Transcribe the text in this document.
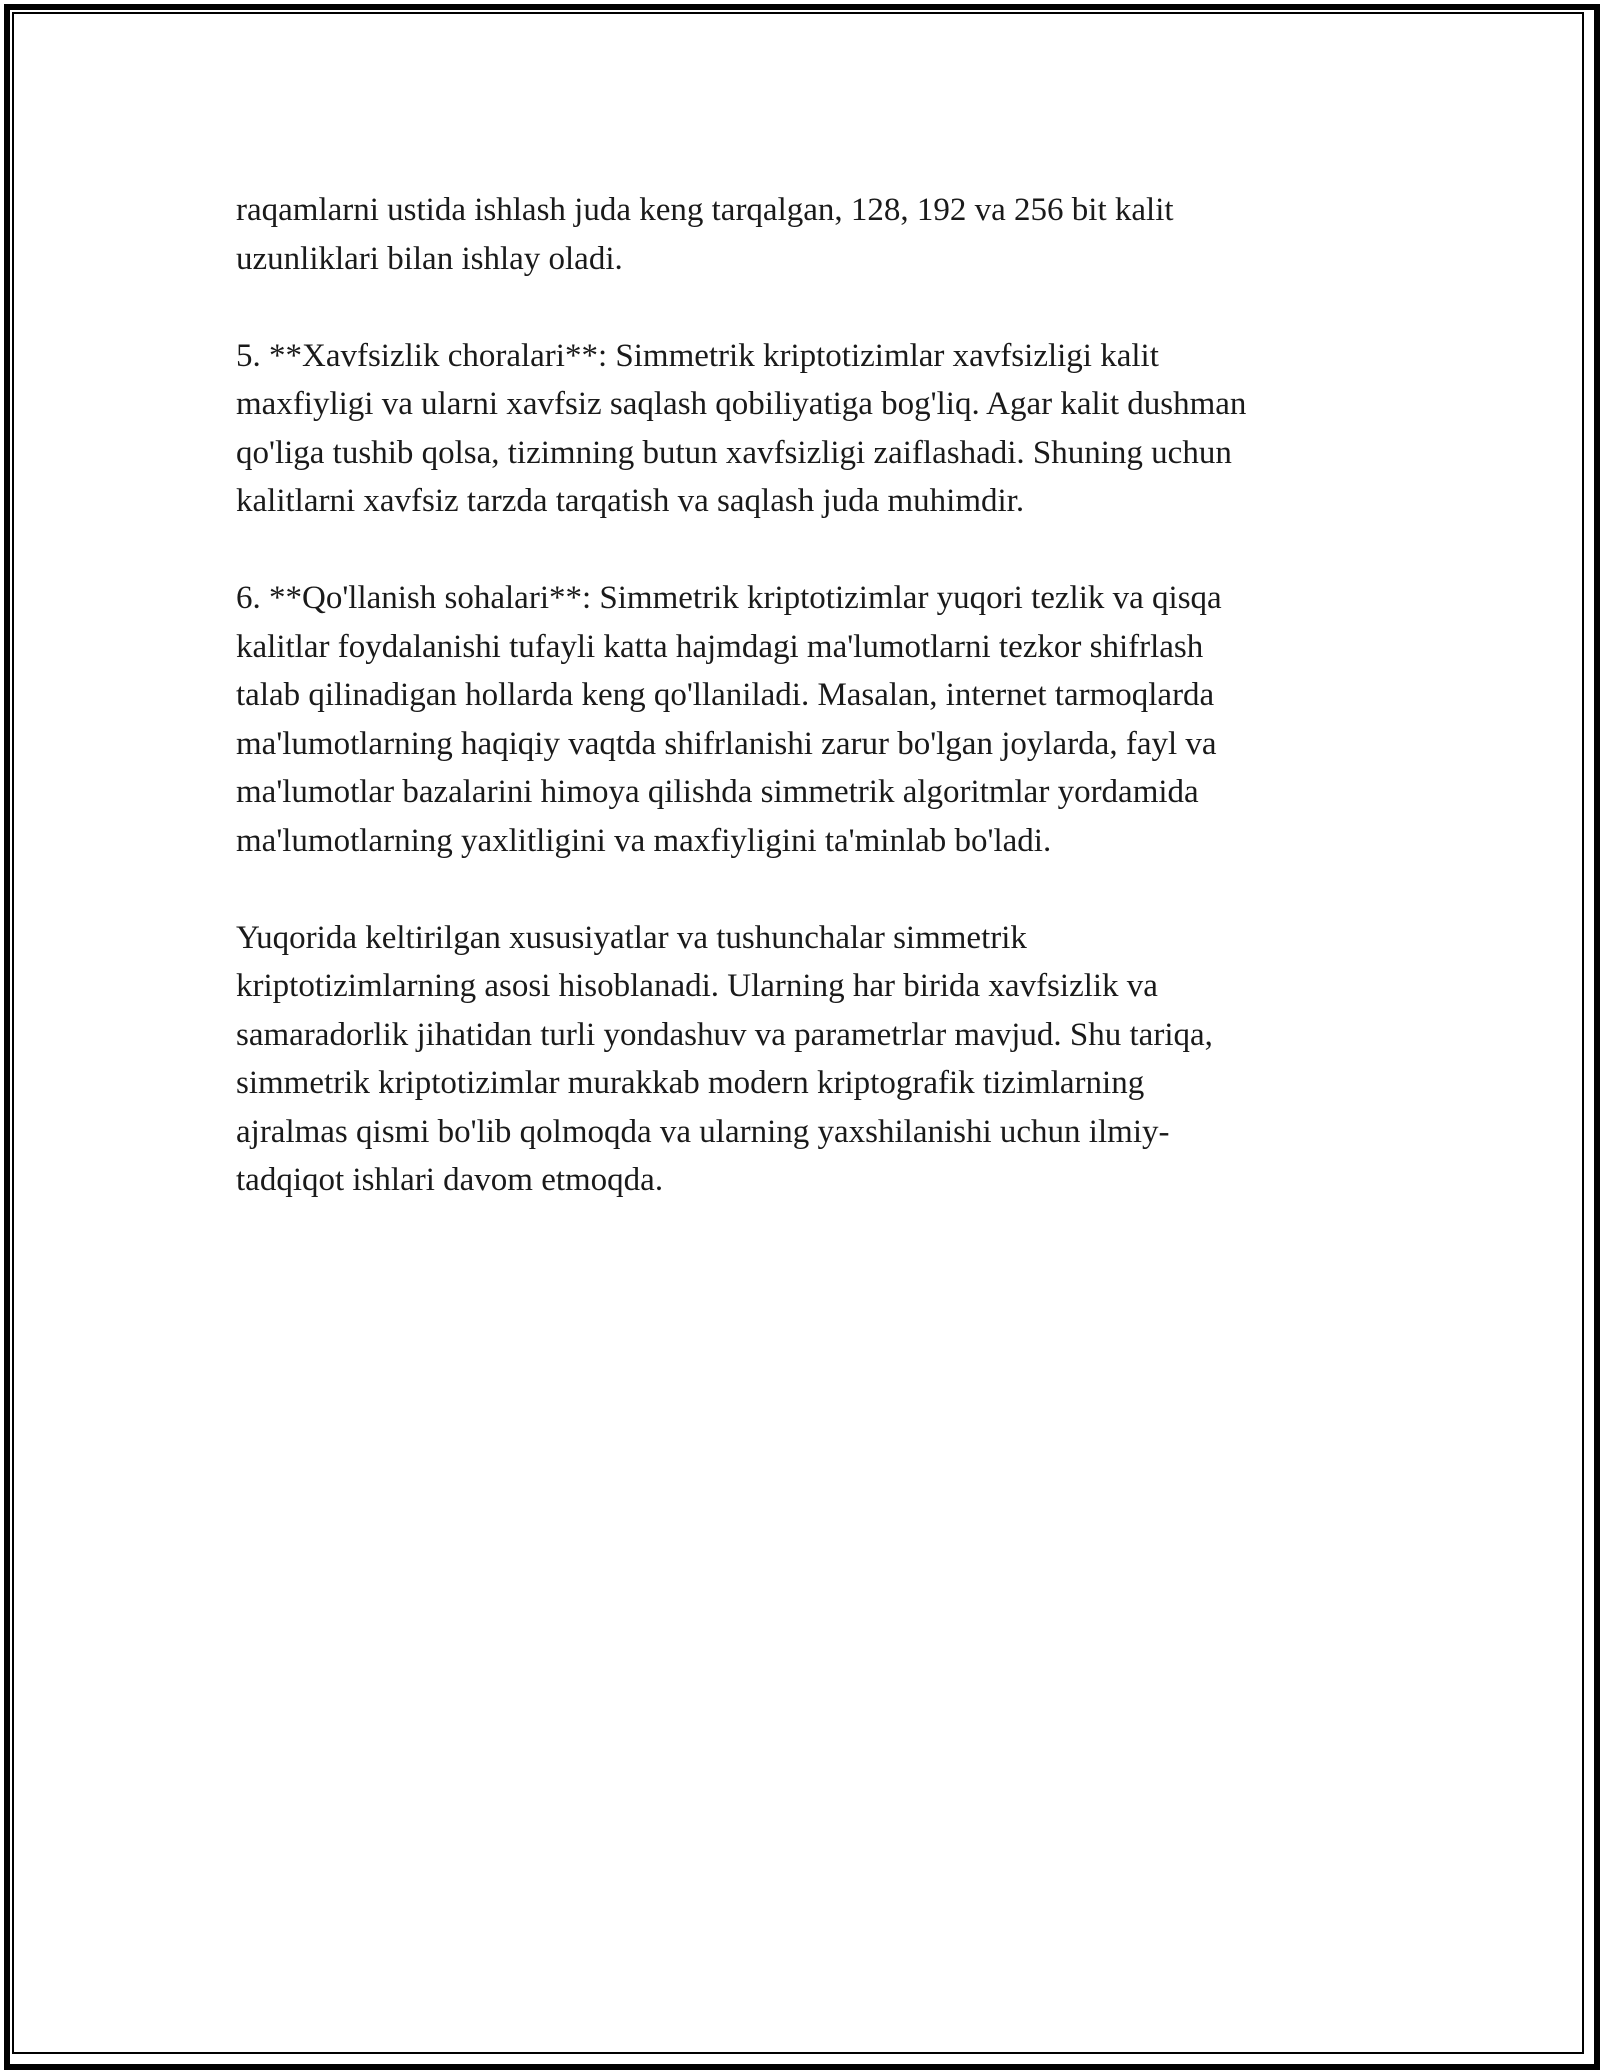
raqamlarni ustida ishlash juda keng tarqalgan, 128, 192 va 256 bit kalit
uzunliklari bilan ishlay oladi.

5. **Xavfsizlik choralari**: Simmetrik kriptotizimlar xavfsizligi kalit
maxfiyligi va ularni xavfsiz saqlash qobiliyatiga bog'liq. Agar kalit dushman
qo'liga tushib qolsa, tizimning butun xavfsizligi zaiflashadi. Shuning uchun
kalitlarni xavfsiz tarzda tarqatish va saqlash juda muhimdir.

6. **Qo'llanish sohalari**: Simmetrik kriptotizimlar yuqori tezlik va qisqa
kalitlar foydalanishi tufayli katta hajmdagi ma'lumotlarni tezkor shifrlash
talab qilinadigan hollarda keng qo'llaniladi. Masalan, internet tarmoqlarda
ma'lumotlarning haqiqiy vaqtda shifrlanishi zarur bo'lgan joylarda, fayl va
ma'lumotlar bazalarini himoya qilishda simmetrik algoritmlar yordamida
ma'lumotlarning yaxlitligini va maxfiyligini ta'minlab bo'ladi.

Yuqorida keltirilgan xususiyatlar va tushunchalar simmetrik
kriptotizimlarning asosi hisoblanadi. Ularning har birida xavfsizlik va
samaradorlik jihatidan turli yondashuv va parametrlar mavjud. Shu tariqa,
simmetrik kriptotizimlar murakkab modern kriptografik tizimlarning
ajralmas qismi bo'lib qolmoqda va ularning yaxshilanishi uchun ilmiy-
tadqiqot ishlari davom etmoqda.
